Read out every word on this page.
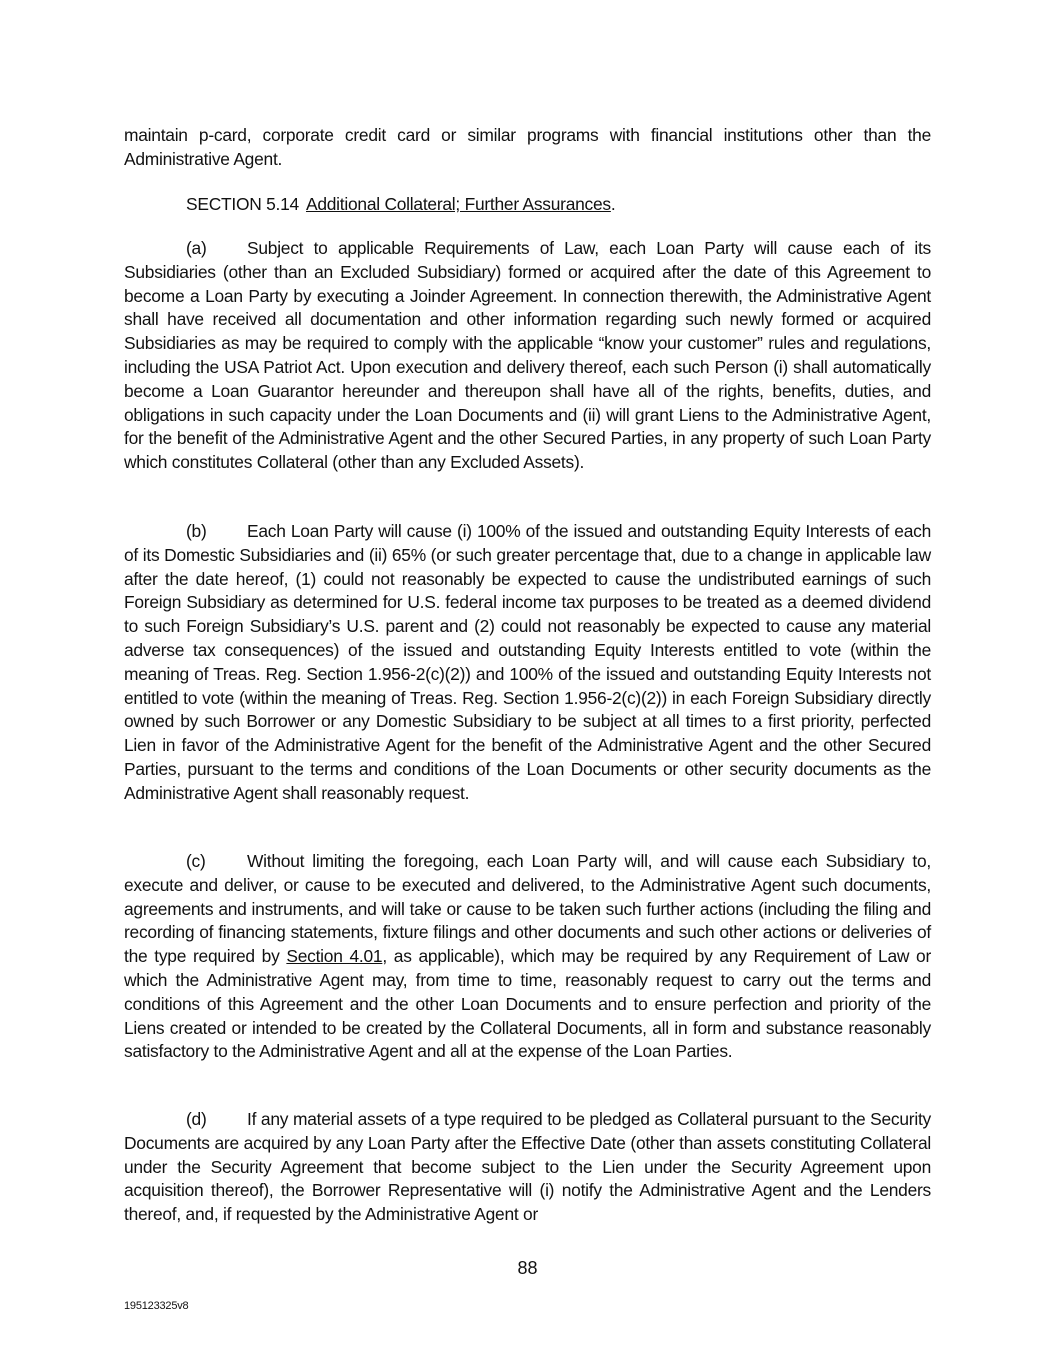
maintain p-card, corporate credit card or similar programs with financial institutions other than the Administrative Agent.

SECTION 5.14 Additional Collateral; Further Assurances.

(a) Subject to applicable Requirements of Law, each Loan Party will cause each of its Subsidiaries (other than an Excluded Subsidiary) formed or acquired after the date of this Agreement to become a Loan Party by executing a Joinder Agreement. In connection therewith, the Administrative Agent shall have received all documentation and other information regarding such newly formed or acquired Subsidiaries as may be required to comply with the applicable “know your customer” rules and regulations, including the USA Patriot Act. Upon execution and delivery thereof, each such Person (i) shall automatically become a Loan Guarantor hereunder and thereupon shall have all of the rights, benefits, duties, and obligations in such capacity under the Loan Documents and (ii) will grant Liens to the Administrative Agent, for the benefit of the Administrative Agent and the other Secured Parties, in any property of such Loan Party which constitutes Collateral (other than any Excluded Assets).

(b) Each Loan Party will cause (i) 100% of the issued and outstanding Equity Interests of each of its Domestic Subsidiaries and (ii) 65% (or such greater percentage that, due to a change in applicable law after the date hereof, (1) could not reasonably be expected to cause the undistributed earnings of such Foreign Subsidiary as determined for U.S. federal income tax purposes to be treated as a deemed dividend to such Foreign Subsidiary’s U.S. parent and (2) could not reasonably be expected to cause any material adverse tax consequences) of the issued and outstanding Equity Interests entitled to vote (within the meaning of Treas. Reg. Section 1.956-2(c)(2)) and 100% of the issued and outstanding Equity Interests not entitled to vote (within the meaning of Treas. Reg. Section 1.956-2(c)(2)) in each Foreign Subsidiary directly owned by such Borrower or any Domestic Subsidiary to be subject at all times to a first priority, perfected Lien in favor of the Administrative Agent for the benefit of the Administrative Agent and the other Secured Parties, pursuant to the terms and conditions of the Loan Documents or other security documents as the Administrative Agent shall reasonably request.

(c) Without limiting the foregoing, each Loan Party will, and will cause each Subsidiary to, execute and deliver, or cause to be executed and delivered, to the Administrative Agent such documents, agreements and instruments, and will take or cause to be taken such further actions (including the filing and recording of financing statements, fixture filings and other documents and such other actions or deliveries of the type required by Section 4.01, as applicable), which may be required by any Requirement of Law or which the Administrative Agent may, from time to time, reasonably request to carry out the terms and conditions of this Agreement and the other Loan Documents and to ensure perfection and priority of the Liens created or intended to be created by the Collateral Documents, all in form and substance reasonably satisfactory to the Administrative Agent and all at the expense of the Loan Parties.

(d) If any material assets of a type required to be pledged as Collateral pursuant to the Security Documents are acquired by any Loan Party after the Effective Date (other than assets constituting Collateral under the Security Agreement that become subject to the Lien under the Security Agreement upon acquisition thereof), the Borrower Representative will (i) notify the Administrative Agent and the Lenders thereof, and, if requested by the Administrative Agent or

88

195123325v8
